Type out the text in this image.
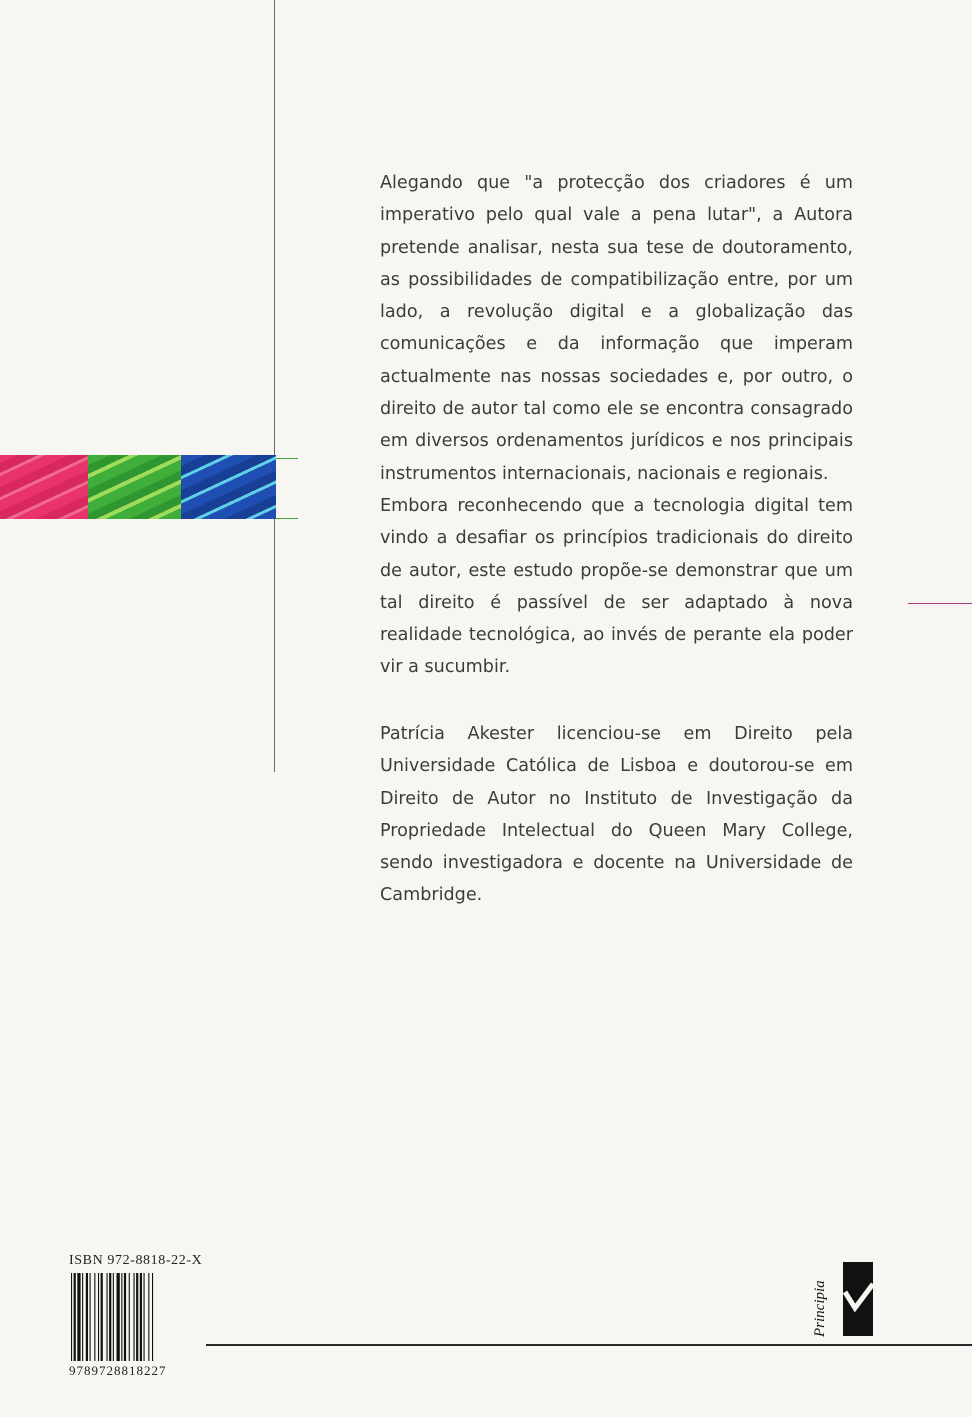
Alegando que "a protecção dos criadores é um imperativo pelo qual vale a pena lutar", a Autora pretende analisar, nesta sua tese de doutoramento, as possibilidades de compatibilização entre, por um lado, a revolução digital e a globalização das comunicações e da informação que imperam actualmente nas nossas sociedades e, por outro, o direito de autor tal como ele se encontra consagrado em diversos ordenamentos jurídicos e nos principais instrumentos internacionais, nacionais e regionais.

Embora reconhecendo que a tecnologia digital tem vindo a desafiar os princípios tradicionais do direito de autor, este estudo propõe-se demonstrar que um tal direito é passível de ser adaptado à nova realidade tecnológica, ao invés de perante ela poder vir a sucumbir.

Patrícia Akester licenciou-se em Direito pela Universidade Católica de Lisboa e doutorou-se em Direito de Autor no Instituto de Investigação da Propriedade Intelectual do Queen Mary College, sendo investigadora e docente na Universidade de Cambridge.

ISBN 972-8818-22-X
9789728818227
Principia
